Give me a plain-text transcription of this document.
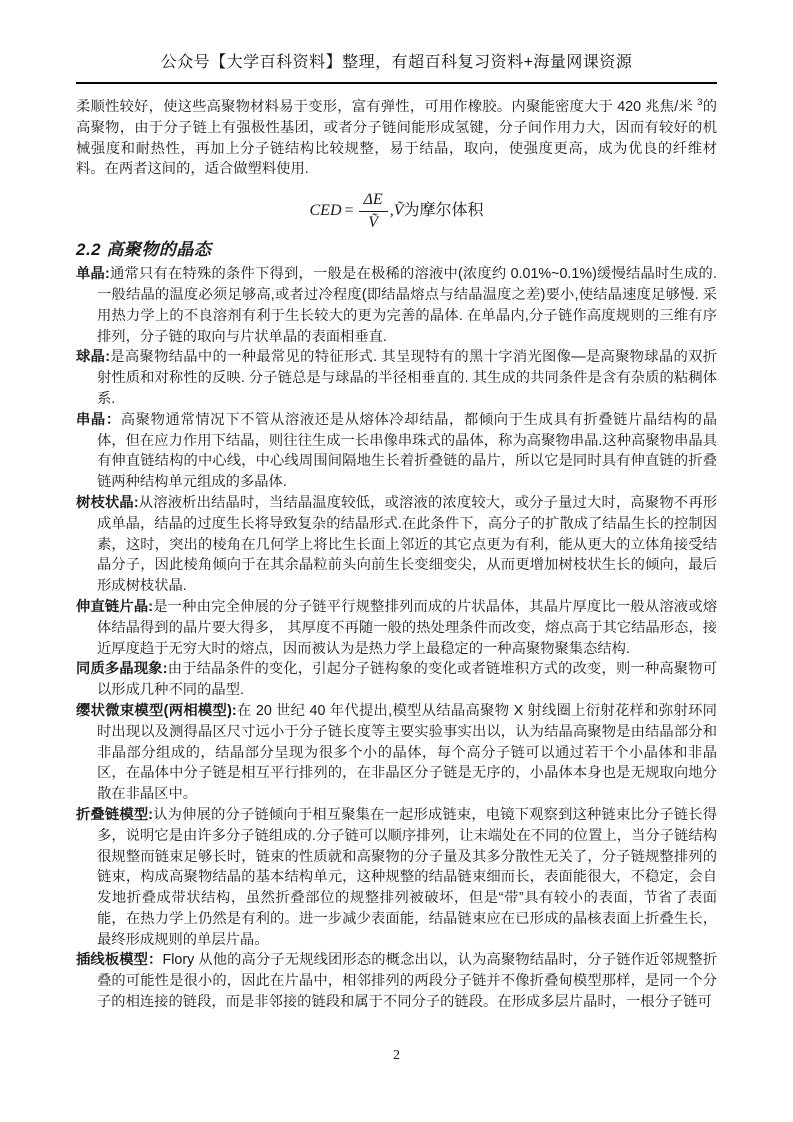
公众号【大学百科资料】整理，有超百科复习资料+海量网课资源

柔顺性较好，使这些高聚物材料易于变形，富有弹性，可用作橡胶。内聚能密度大于 420 兆焦/米 $^3$的高聚物，由于分子链上有强极性基团，或者分子链间能形成氢键，分子间作用力大，因而有较好的机械强度和耐热性，再加上分子链结构比较规整，易于结晶，取向，使强度更高，成为优良的纤维材料。在两者这间的，适合做塑料使用.

CED = $\frac{\Delta E}{\text{Ṽ}}$ ,Ṽ为摩尔体积
2.2 高聚物的晶态

单晶:通常只有在特殊的条件下得到，一般是在极稀的溶液中(浓度约 0.01%~0.1%)缓慢结晶时生成的. 一般结晶的温度必须足够高,或者过冷程度(即结晶熔点与结晶温度之差)要小,使结晶速度足够慢. 采用热力学上的不良溶剂有利于生长较大的更为完善的晶体. 在单晶内,分子链作高度规则的三维有序排列，分子链的取向与片状单晶的表面相垂直.

球晶:是高聚物结晶中的一种最常见的特征形式. 其呈现特有的黑十字消光图像—是高聚物球晶的双折射性质和对称性的反映. 分子链总是与球晶的半径相垂直的. 其生成的共同条件是含有杂质的粘稠体系.

串晶：高聚物通常情况下不管从溶液还是从熔体冷却结晶，都倾向于生成具有折叠链片晶结构的晶体，但在应力作用下结晶，则往往生成一长串像串珠式的晶体，称为高聚物串晶.这种高聚物串晶具有伸直链结构的中心线，中心线周围间隔地生长着折叠链的晶片，所以它是同时具有伸直链的折叠链两种结构单元组成的多晶体.

树枝状晶:从溶液析出结晶时，当结晶温度较低，或溶液的浓度较大，或分子量过大时，高聚物不再形成单晶，结晶的过度生长将导致复杂的结晶形式.在此条件下，高分子的扩散成了结晶生长的控制因素，这时，突出的棱角在几何学上将比生长面上邻近的其它点更为有利，能从更大的立体角接受结晶分子，因此棱角倾向于在其余晶粒前头向前生长变细变尖，从而更增加树枝状生长的倾向，最后形成树枝状晶.

伸直链片晶:是一种由完全伸展的分子链平行规整排列而成的片状晶体，其晶片厚度比一般从溶液或熔体结晶得到的晶片要大得多， 其厚度不再随一般的热处理条件而改变，熔点高于其它结晶形态，接近厚度趋于无穷大时的熔点，因而被认为是热力学上最稳定的一种高聚物聚集态结构.

同质多晶现象:由于结晶条件的变化，引起分子链构象的变化或者链堆积方式的改变，则一种高聚物可以形成几种不同的晶型.

缨状微束模型(两相模型):在 20 世纪 40 年代提出,模型从结晶高聚物 X 射线圈上衍射花样和弥射环同时出现以及测得晶区尺寸远小于分子链长度等主要实验事实出以，认为结晶高聚物是由结晶部分和非晶部分组成的，结晶部分呈现为很多个小的晶体，每个高分子链可以通过若干个小晶体和非晶区，在晶体中分子链是相互平行排列的，在非晶区分子链是无序的，小晶体本身也是无规取向地分散在非晶区中。

折叠链模型:认为伸展的分子链倾向于相互聚集在一起形成链束，电镜下观察到这种链束比分子链长得多，说明它是由许多分子链组成的.分子链可以顺序排列，让末端处在不同的位置上，当分子链结构很规整而链束足够长时，链束的性质就和高聚物的分子量及其多分散性无关了，分子链规整排列的链束，构成高聚物结晶的基本结构单元，这种规整的结晶链束细而长，表面能很大，不稳定，会自发地折叠成带状结构，虽然折叠部位的规整排列被破坏，但是“带”具有较小的表面，节省了表面能，在热力学上仍然是有利的。进一步减少表面能，结晶链束应在已形成的晶核表面上折叠生长，最终形成规则的单层片晶。

插线板模型：Flory 从他的高分子无规线团形态的概念出以，认为高聚物结晶时，分子链作近邻规整折叠的可能性是很小的，因此在片晶中，相邻排列的两段分子链并不像折叠甸模型那样，是同一个分子的相连接的链段，而是非邻接的链段和属于不同分子的链段。在形成多层片晶时，一根分子链可

2
